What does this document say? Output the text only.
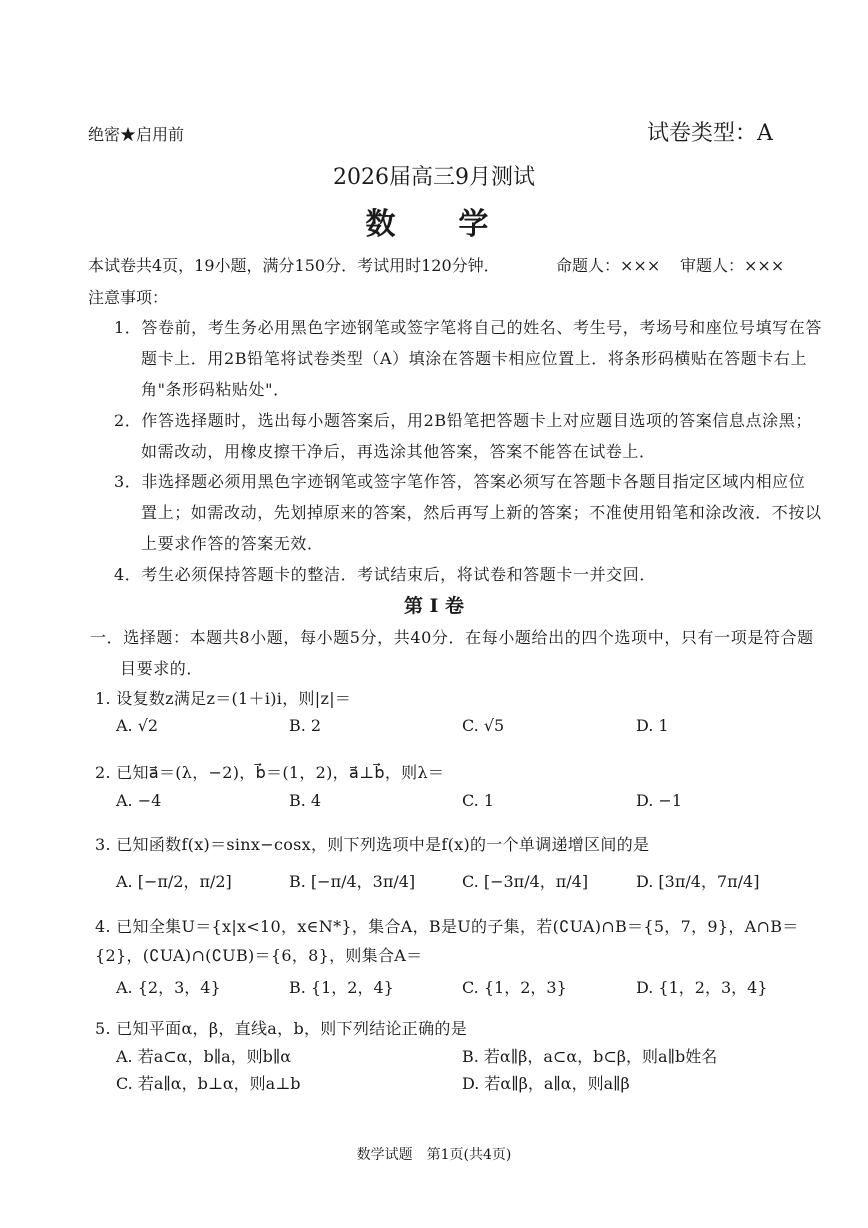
绝密★启用前	试卷类型：A
2026届高三9月测试
数  学
本试卷共4页，19小题，满分150分．考试用时120分钟．	命题人：××× 审题人：×××
注意事项：
1．答卷前，考生务必用黑色字迹钢笔或签字笔将自己的姓名、考生号，考场号和座位号填写在答
题卡上．用2B铅笔将试卷类型（A）填涂在答题卡相应位置上．将条形码横贴在答题卡右上
角"条形码粘贴处"．
2．作答选择题时，选出每小题答案后，用2B铅笔把答题卡上对应题目选项的答案信息点涂黑；
如需改动，用橡皮擦干净后，再选涂其他答案，答案不能答在试卷上．
3．非选择题必须用黑色字迹钢笔或签字笔作答，答案必须写在答题卡各题目指定区域内相应位
置上；如需改动，先划掉原来的答案，然后再写上新的答案；不准使用铅笔和涂改液．不按以
上要求作答的答案无效．
4．考生必须保持答题卡的整洁．考试结束后，将试卷和答题卡一并交回．
第 Ⅰ 卷
一．选择题：本题共8小题，每小题5分，共40分．在每小题给出的四个选项中，只有一项是符合题
目要求的．
1. 设复数z满足z＝(1＋i)i，则|z|＝
A. √2	B. 2	C. √5	D. 1
2. 已知a⃗＝(λ，−2)，b⃗＝(1，2)，a⃗⊥b⃗，则λ＝
A. −4	B. 4	C. 1	D. −1
3. 已知函数f(x)＝sinx−cosx，则下列选项中是f(x)的一个单调递增区间的是
A. [−π/2，π/2]	B. [−π/4，3π/4]	C. [−3π/4，π/4]	D. [3π/4，7π/4]
4. 已知全集U＝{x|x<10，x∈N*}，集合A，B是U的子集，若(∁UA)∩B＝{5，7，9}，A∩B＝
{2}，(∁UA)∩(∁UB)＝{6，8}，则集合A＝
A. {2，3，4}	B. {1，2，4}	C. {1，2，3}	D. {1，2，3，4}
5. 已知平面α，β，直线a，b，则下列结论正确的是
A. 若a⊂α，b∥a，则b∥α	B. 若α∥β，a⊂α，b⊂β，则a∥b姓名
C. 若a∥α，b⊥α，则a⊥b	D. 若α∥β，a∥α，则a∥β
数学试题　第1页(共4页)
